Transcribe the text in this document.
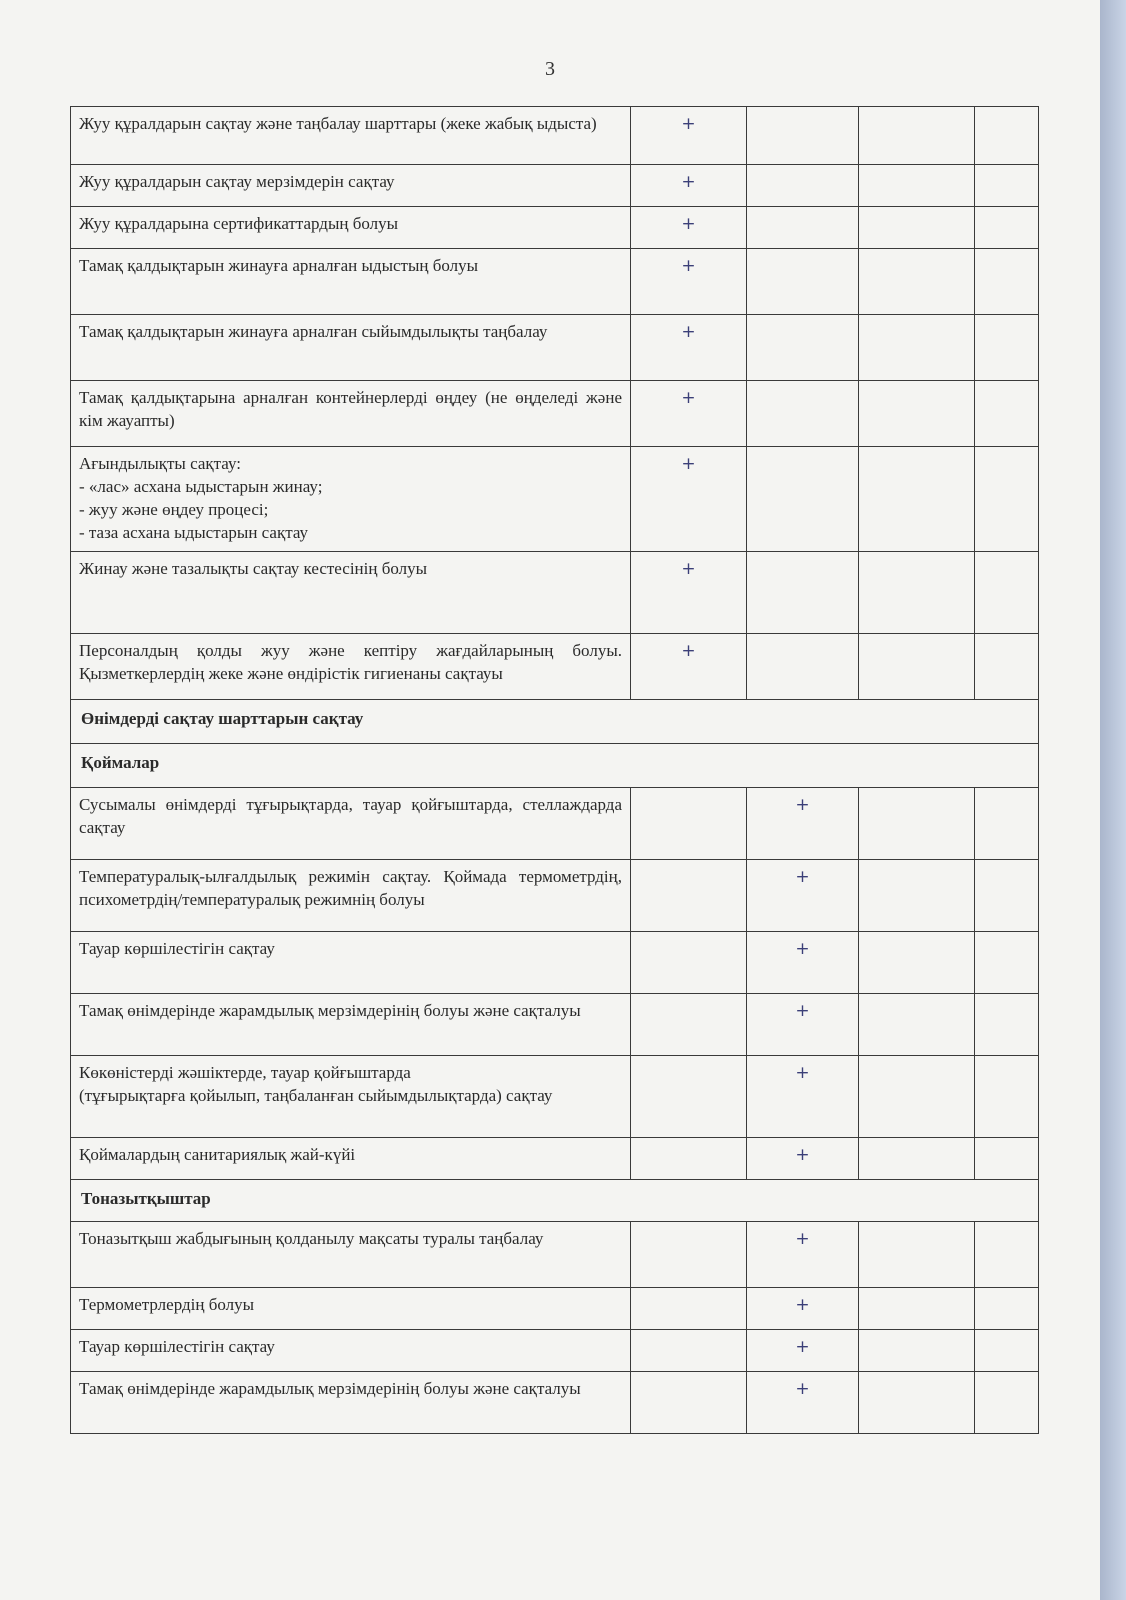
3
Жуу құралдарын сақтау және таңбалау шарттары (жеке жабық ыдыста)	+			
Жуу құралдарын сақтау мерзімдерін сақтау	+			
Жуу құралдарына сертификаттардың болуы	+			
Тамақ қалдықтарын жинауға арналған ыдыстың болуы	+			
Тамақ қалдықтарын жинауға арналған сыйымдылықты таңбалау	+			
Тамақ қалдықтарына арналған контейнерлерді өңдеу (не өңделеді және кім жауапты)	+			

Ағындылықты сақтау:
- «лас» асхана ыдыстарын жинау;
- жуу және өңдеу процесі;
- таза асхана ыдыстарын сақтау	+			
Жинау және тазалықты сақтау кестесінің болуы	+			
Персоналдың қолды жуу және кептіру жағдайларының болуы. Қызметкерлердің жеке және өндірістік гигиенаны сақтауы	+			
Өнімдерді сақтау шарттарын сақтау				
Қоймалар				
Сусымалы өнімдерді тұғырықтарда, тауар қойғыштарда, стеллаждарда сақтау		+		
Температуралық-ылғалдылық режимін сақтау. Қоймада термометрдің, психометрдің/температуралық режимнің болуы		+		
Тауар көршілестігін сақтау		+		
Тамақ өнімдерінде жарамдылық мерзімдерінің болуы және сақталуы		+		

Көкөністерді жәшіктерде, тауар қойғыштарда
(тұғырықтарға қойылып, таңбаланған сыйымдылықтарда) сақтау		+		
Қоймалардың санитариялық жай-күйі		+		
Тоназытқыштар				
Тоназытқыш жабдығының қолданылу мақсаты туралы таңбалау		+		
Термометрлердің болуы		+		
Тауар көршілестігін сақтау		+		
Тамақ өнімдерінде жарамдылық мерзімдерінің болуы және сақталуы		+		
